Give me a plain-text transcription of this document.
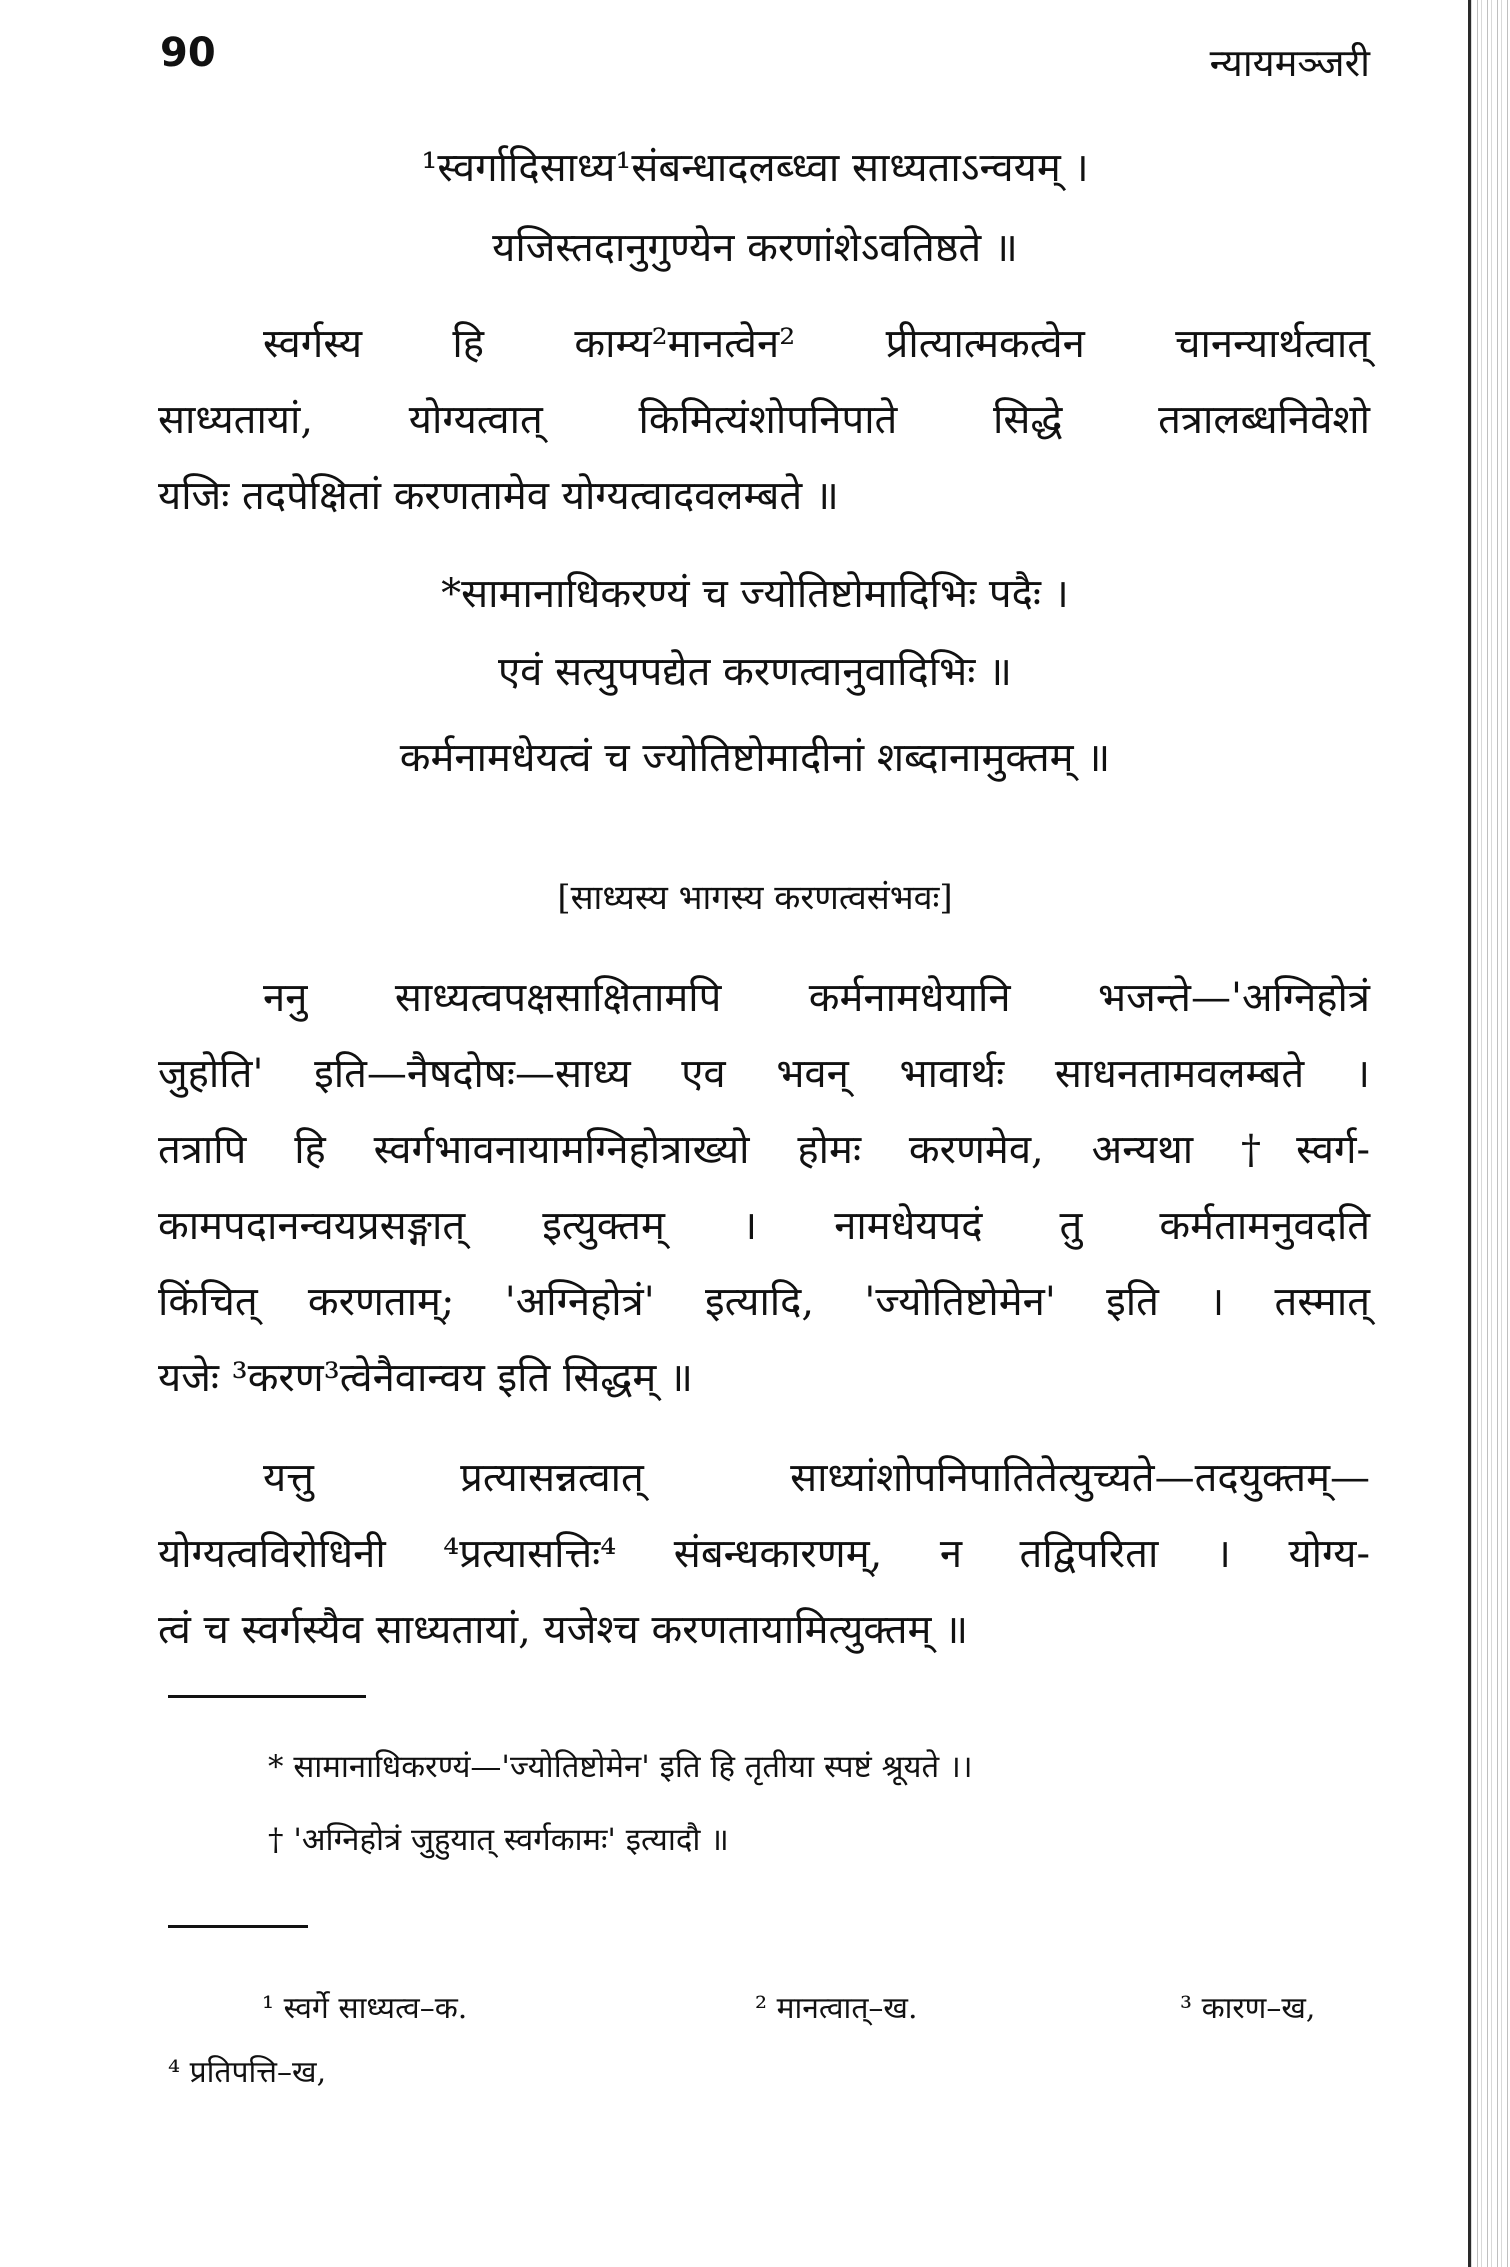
90	न्यायमञ्जरी
¹स्वर्गादिसाध्य¹संबन्धादलब्ध्वा साध्यताऽन्वयम् ।
यजिस्तदानुगुण्येन करणांशेऽवतिष्ठते ॥
स्वर्गस्य हि काम्य²मानत्वेन² प्रीत्यात्मकत्वेन चानन्यार्थत्वात्
साध्यतायां, योग्यत्वात् किमित्यंशोपनिपाते सिद्धे तत्रालब्धनिवेशो
यजिः तदपेक्षितां करणतामेव योग्यत्वादवलम्बते ॥
*सामानाधिकरण्यं च ज्योतिष्टोमादिभिः पदैः ।
एवं सत्युपपद्येत करणत्वानुवादिभिः ॥
कर्मनामधेयत्वं च ज्योतिष्टोमादीनां शब्दानामुक्तम् ॥
[साध्यस्य भागस्य करणत्वसंभवः]
ननु साध्यत्वपक्षसाक्षितामपि कर्मनामधेयानि भजन्ते—'अग्निहोत्रं
जुहोति' इति—नैषदोषः—साध्य एव भवन् भावार्थः साधनतामवलम्बते ।
तत्रापि हि स्वर्गभावनायामग्निहोत्राख्यो होमः करणमेव, अन्यथा †स्वर्ग-
कामपदानन्वयप्रसङ्गात् इत्युक्तम् । नामधेयपदं तु कर्मतामनुवदति
किंचित् करणताम्; 'अग्निहोत्रं' इत्यादि, 'ज्योतिष्टोमेन' इति । तस्मात्
यजेः ³करण³त्वेनैवान्वय इति सिद्धम् ॥
यत्तु प्रत्यासन्नत्वात् साध्यांशोपनिपातितेत्युच्यते—तदयुक्तम्—
योग्यत्वविरोधिनी ⁴प्रत्यासत्तिः⁴ संबन्धकारणम्, न तद्विपरिता । योग्य-
त्वं च स्वर्गस्यैव साध्यतायां, यजेश्च करणतायामित्युक्तम् ॥
* सामानाधिकरण्यं—'ज्योतिष्टोमेन' इति हि तृतीया स्पष्टं श्रूयते ।।
† 'अग्निहोत्रं जुहुयात् स्वर्गकामः' इत्यादौ ॥
¹ स्वर्गे साध्यत्व–क.	² मानत्वात्–ख.	³ कारण–ख,
⁴ प्रतिपत्ति–ख,
